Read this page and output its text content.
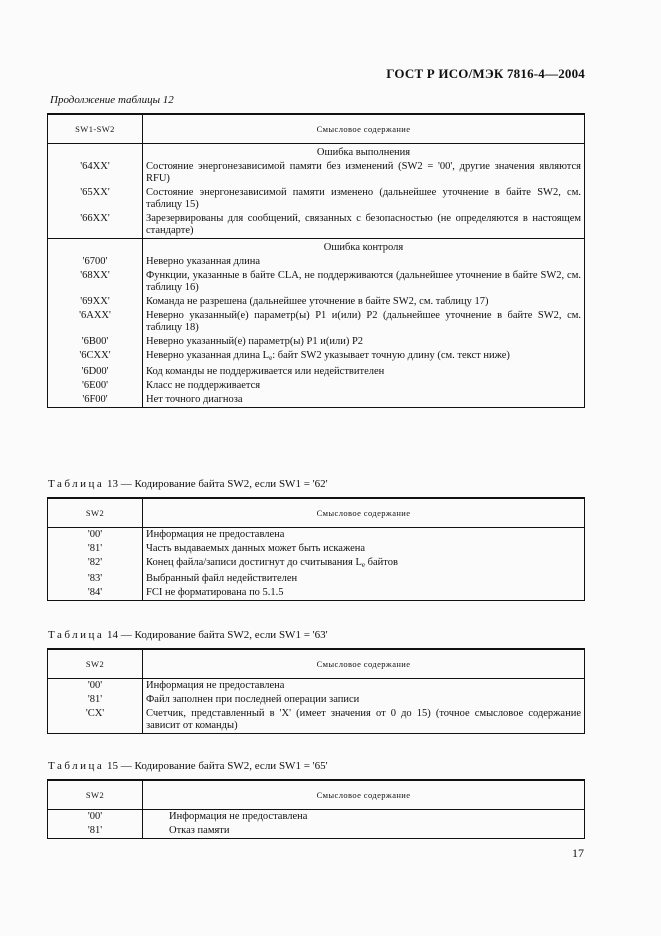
ГОСТ Р ИСО/МЭК 7816-4—2004
Продолжение таблицы 12
SW1-SW2	Смысловое содержание
	Ошибка выполнения
'64XX'	Состояние энергонезависимой памяти без изменений (SW2 = '00', другие значения являются RFU)
'65XX'	Состояние энергонезависимой памяти изменено (дальнейшее уточнение в байте SW2, см. таблицу 15)
'66XX'	Зарезервированы для сообщений, связанных с безопасностью (не определяются в настоящем стандарте)
	Ошибка контроля
'6700'	Неверно указанная длина
'68XX'	Функции, указанные в байте CLA, не поддерживаются (дальнейшее уточнение в байте SW2, см. таблицу 16)
'69XX'	Команда не разрешена (дальнейшее уточнение в байте SW2, см. таблицу 17)
'6AXX'	Неверно указанный(е) параметр(ы) P1 и(или) P2 (дальнейшее уточнение в байте SW2, см. таблицу 18)
'6B00'	Неверно указанный(е) параметр(ы) P1 и(или) P2
'6CXX'	Неверно указанная длина Le: байт SW2 указывает точную длину (см. текст ниже)
'6D00'	Код команды не поддерживается или недействителен
'6E00'	Класс не поддерживается
'6F00'	Нет точного диагноза
Таблица 13 — Кодирование байта SW2, если SW1 = '62'
SW2	Смысловое содержание
'00'	Информация не предоставлена
'81'	Часть выдаваемых данных может быть искажена
'82'	Конец файла/записи достигнут до считывания Le байтов
'83'	Выбранный файл недействителен
'84'	FCI не форматирована по 5.1.5
Таблица 14 — Кодирование байта SW2, если SW1 = '63'
SW2	Смысловое содержание
'00'	Информация не предоставлена
'81'	Файл заполнен при последней операции записи
'CX'	Счетчик, представленный в 'X' (имеет значения от 0 до 15) (точное смысловое содержание зависит от команды)
Таблица 15 — Кодирование байта SW2, если SW1 = '65'
SW2	Смысловое содержание
'00'	Информация не предоставлена
'81'	Отказ памяти
17
